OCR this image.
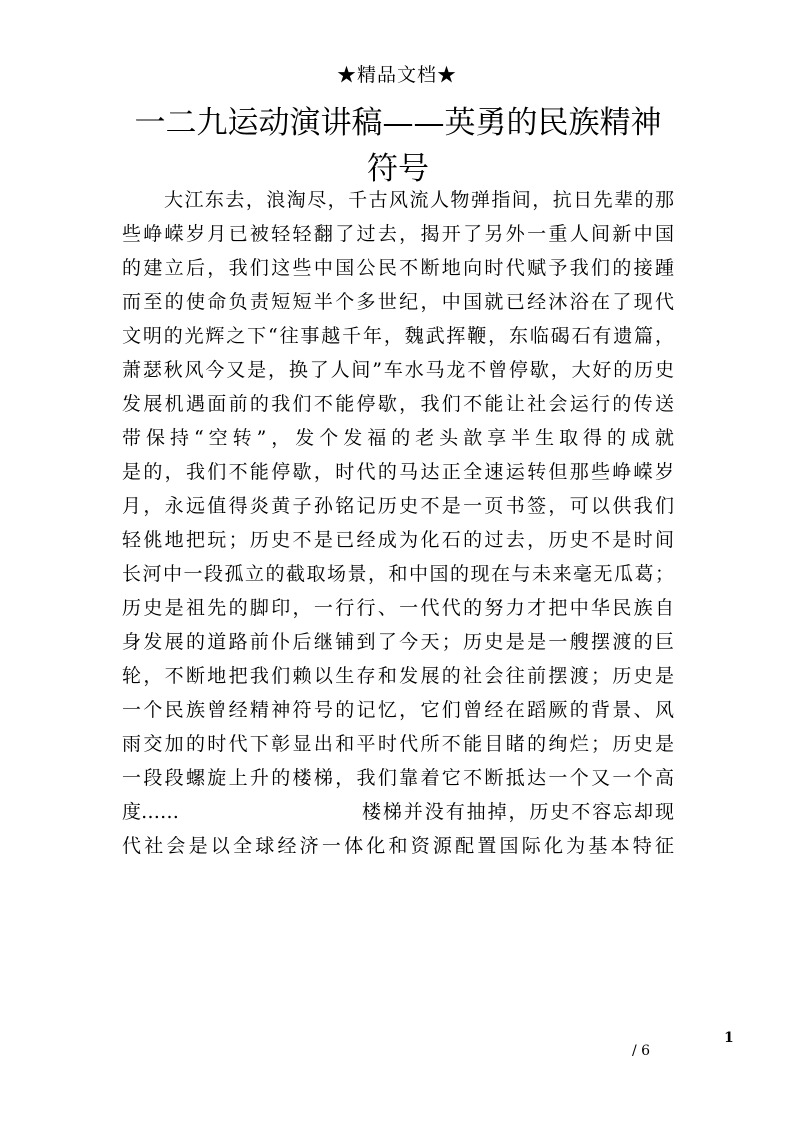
★精品文档★
一二九运动演讲稿——英勇的民族精神符号
大江东去，浪淘尽，千古风流人物弹指间，抗日先辈的那
些峥嵘岁月已被轻轻翻了过去，揭开了另外一重人间新中国
的建立后，我们这些中国公民不断地向时代赋予我们的接踵
而至的使命负责短短半个多世纪，中国就已经沐浴在了现代
文明的光辉之下“往事越千年，魏武挥鞭，东临碣石有遗篇，
萧瑟秋风今又是，换了人间”车水马龙不曾停歇，大好的历史
发展机遇面前的我们不能停歇，我们不能让社会运行的传送
带保持“空转”，发个发福的老头歆享半生取得的成就
是的，我们不能停歇，时代的马达正全速运转但那些峥嵘岁
月，永远值得炎黄子孙铭记历史不是一页书签，可以供我们
轻佻地把玩；历史不是已经成为化石的过去，历史不是时间
长河中一段孤立的截取场景，和中国的现在与未来毫无瓜葛；
历史是祖先的脚印，一行行、一代代的努力才把中华民族自
身发展的道路前仆后继铺到了今天；历史是是一艘摆渡的巨
轮，不断地把我们赖以生存和发展的社会往前摆渡；历史是
一个民族曾经精神符号的记忆，它们曾经在蹈厥的背景、风
雨交加的时代下彰显出和平时代所不能目睹的绚烂；历史是
一段段螺旋上升的楼梯，我们靠着它不断抵达一个又一个高
度……	楼梯并没有抽掉，历史不容忘却现
代社会是以全球经济一体化和资源配置国际化为基本特征
1
/ 6
